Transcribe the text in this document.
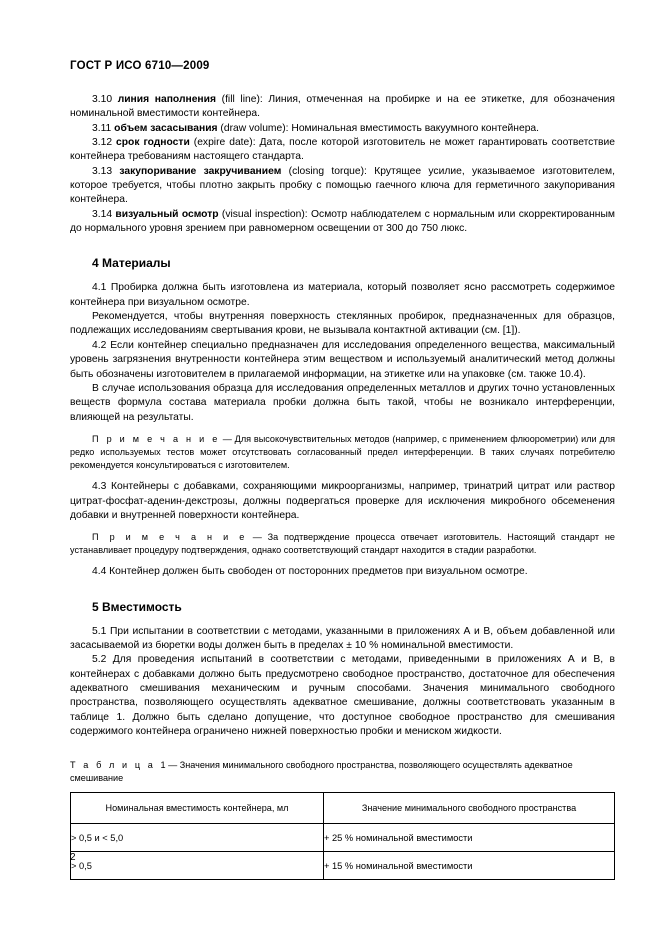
ГОСТ Р ИСО 6710—2009

3.10 линия наполнения (fill line): Линия, отмеченная на пробирке и на ее этикетке, для обозначения номинальной вместимости контейнера.

3.11 объем засасывания (draw volume): Номинальная вместимость вакуумного контейнера.

3.12 срок годности (expire date): Дата, после которой изготовитель не может гарантировать соответствие контейнера требованиям настоящего стандарта.

3.13 закупоривание закручиванием (closing torque): Крутящее усилие, указываемое изготовителем, которое требуется, чтобы плотно закрыть пробку с помощью гаечного ключа для герметичного закупоривания контейнера.

3.14 визуальный осмотр (visual inspection): Осмотр наблюдателем с нормальным или скорректированным до нормального уровня зрением при равномерном освещении от 300 до 750 люкс.

4 Материалы

4.1 Пробирка должна быть изготовлена из материала, который позволяет ясно рассмотреть содержимое контейнера при визуальном осмотре.

Рекомендуется, чтобы внутренняя поверхность стеклянных пробирок, предназначенных для образцов, подлежащих исследованиям свертывания крови, не вызывала контактной активации (см. [1]).

4.2 Если контейнер специально предназначен для исследования определенного вещества, максимальный уровень загрязнения внутренности контейнера этим веществом и используемый аналитический метод должны быть обозначены изготовителем в прилагаемой информации, на этикетке или на упаковке (см. также 10.4).

В случае использования образца для исследования определенных металлов и других точно установленных веществ формула состава материала пробки должна быть такой, чтобы не возникало интерференции, влияющей на результаты.

П р и м е ч а н и е — Для высокочувствительных методов (например, с применением флюорометрии) или для редко используемых тестов может отсутствовать согласованный предел интерференции. В таких случаях потребителю рекомендуется консультироваться с изготовителем.

4.3 Контейнеры с добавками, сохраняющими микроорганизмы, например, тринатрий цитрат или раствор цитрат-фосфат-аденин-декстрозы, должны подвергаться проверке для исключения микробного обсеменения добавки и внутренней поверхности контейнера.

П р и м е ч а н и е — За подтверждение процесса отвечает изготовитель. Настоящий стандарт не устанавливает процедуру подтверждения, однако соответствующий стандарт находится в стадии разработки.

4.4 Контейнер должен быть свободен от посторонних предметов при визуальном осмотре.

5 Вместимость

5.1 При испытании в соответствии с методами, указанными в приложениях А и В, объем добавленной или засасываемой из бюретки воды должен быть в пределах ± 10 % номинальной вместимости.

5.2 Для проведения испытаний в соответствии с методами, приведенными в приложениях А и В, в контейнерах с добавками должно быть предусмотрено свободное пространство, достаточное для обеспечения адекватного смешивания механическим и ручным способами. Значения минимального свободного пространства, позволяющего осуществлять адекватное смешивание, должны соответствовать указанным в таблице 1. Должно быть сделано допущение, что доступное свободное пространство для смешивания содержимого контейнера ограничено нижней поверхностью пробки и мениском жидкости.

Т а б л и ц а 1 — Значения минимального свободного пространства, позволяющего осуществлять адекватное смешивание
Номинальная вместимость контейнера, мл	Значение минимального свободного пространства
> 0,5 и < 5,0	+ 25 % номинальной вместимости
> 0,5	+ 15 % номинальной вместимости
2
